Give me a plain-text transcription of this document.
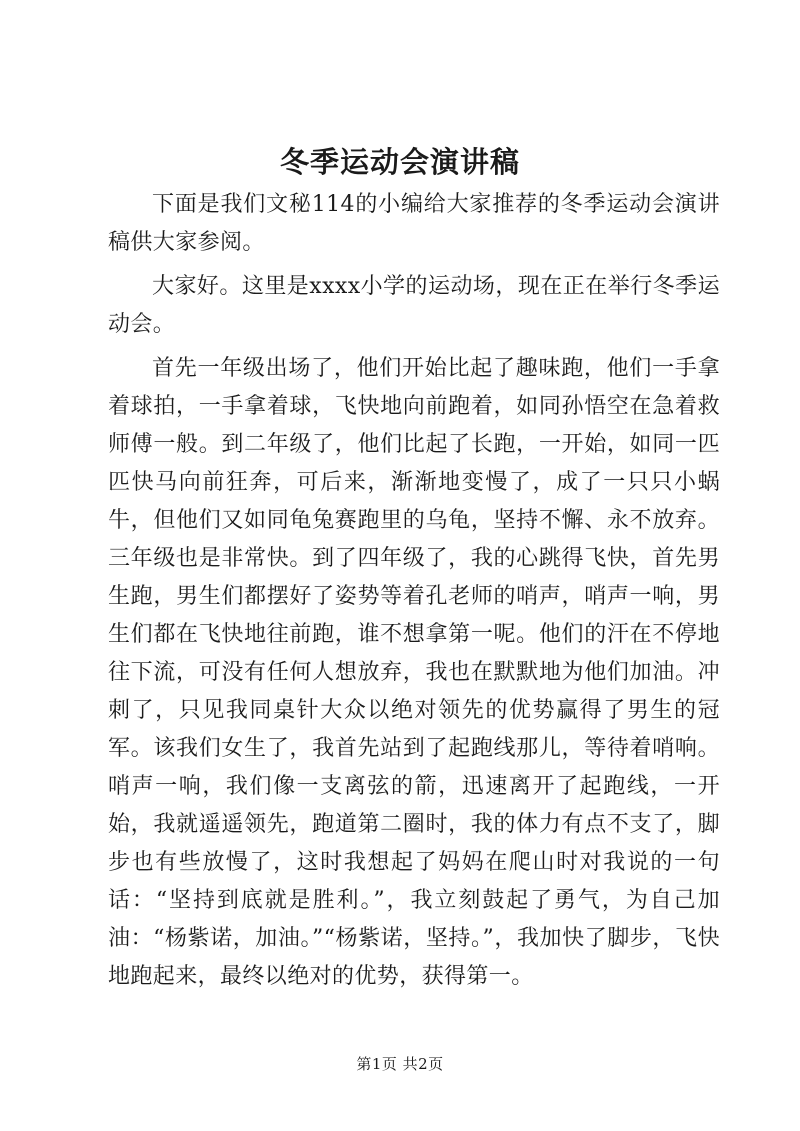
冬季运动会演讲稿

下面是我们文秘114的小编给大家推荐的冬季运动会演讲稿供大家参阅。

大家好。这里是xxxx小学的运动场，现在正在举行冬季运动会。

首先一年级出场了，他们开始比起了趣味跑，他们一手拿着球拍，一手拿着球，飞快地向前跑着，如同孙悟空在急着救师傅一般。到二年级了，他们比起了长跑，一开始，如同一匹匹快马向前狂奔，可后来，渐渐地变慢了，成了一只只小蜗牛，但他们又如同龟兔赛跑里的乌龟，坚持不懈、永不放弃。三年级也是非常快。到了四年级了，我的心跳得飞快，首先男生跑，男生们都摆好了姿势等着孔老师的哨声，哨声一响，男生们都在飞快地往前跑，谁不想拿第一呢。他们的汗在不停地往下流，可没有任何人想放弃，我也在默默地为他们加油。冲刺了，只见我同桌针大众以绝对领先的优势赢得了男生的冠军。该我们女生了，我首先站到了起跑线那儿，等待着哨响。哨声一响，我们像一支离弦的箭，迅速离开了起跑线，一开始，我就遥遥领先，跑道第二圈时，我的体力有点不支了，脚步也有些放慢了，这时我想起了妈妈在爬山时对我说的一句话：“坚持到底就是胜利。”，我立刻鼓起了勇气，为自己加油：“杨紫诺，加油。”“杨紫诺，坚持。”，我加快了脚步，飞快地跑起来，最终以绝对的优势，获得第一。

第1页 共2页
